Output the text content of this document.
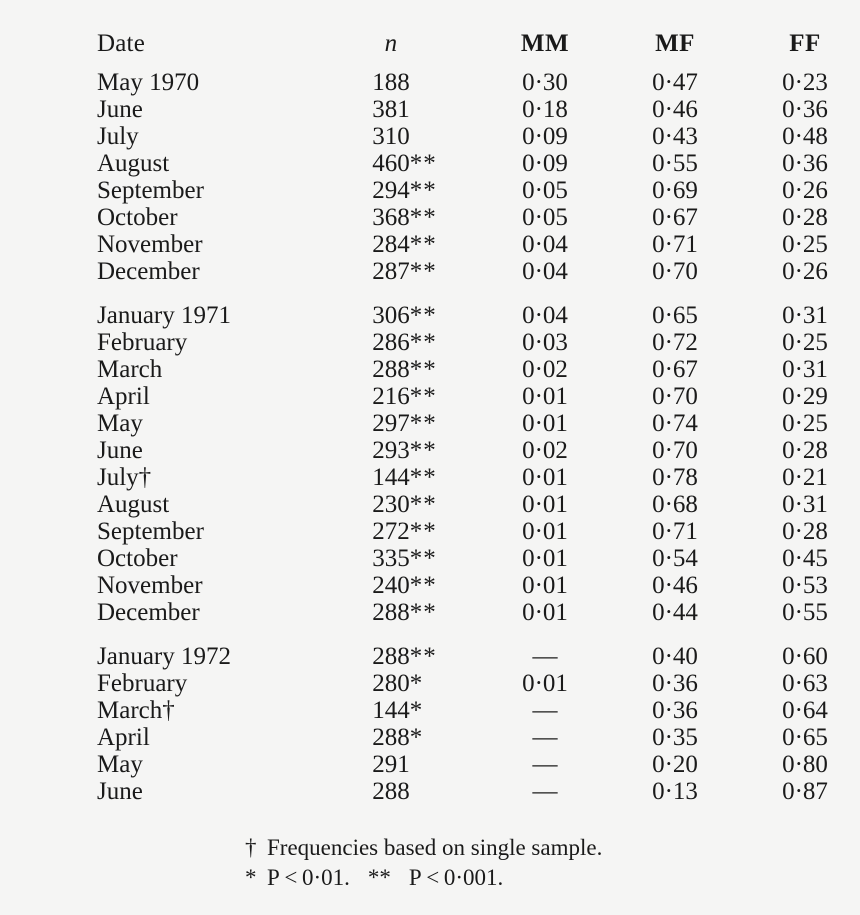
Date	n	MM	MF	FF
May 1970	188	0·30	0·47	0·23
June	381	0·18	0·46	0·36
July	310	0·09	0·43	0·48
August	460 **	0·09	0·55	0·36
September	294 **	0·05	0·69	0·26
October	368 **	0·05	0·67	0·28
November	284 **	0·04	0·71	0·25
December	287 **	0·04	0·70	0·26

January 1971	306 **	0·04	0·65	0·31
February	286 **	0·03	0·72	0·25
March	288 **	0·02	0·67	0·31
April	216 **	0·01	0·70	0·29
May	297 **	0·01	0·74	0·25
June	293 **	0·02	0·70	0·28
July†	144 **	0·01	0·78	0·21
August	230 **	0·01	0·68	0·31
September	272 **	0·01	0·71	0·28
October	335 **	0·01	0·54	0·45
November	240 **	0·01	0·46	0·53
December	288 **	0·01	0·44	0·55

January 1972	288 **	—	0·40	0·60
February	280 *	0·01	0·36	0·63
March†	144 *	—	0·36	0·64
April	288 *	—	0·35	0·65
May	291	—	0·20	0·80
June	288	—	0·13	0·87
† Frequencies based on single sample.
* P < 0·01. ** P < 0·001.
